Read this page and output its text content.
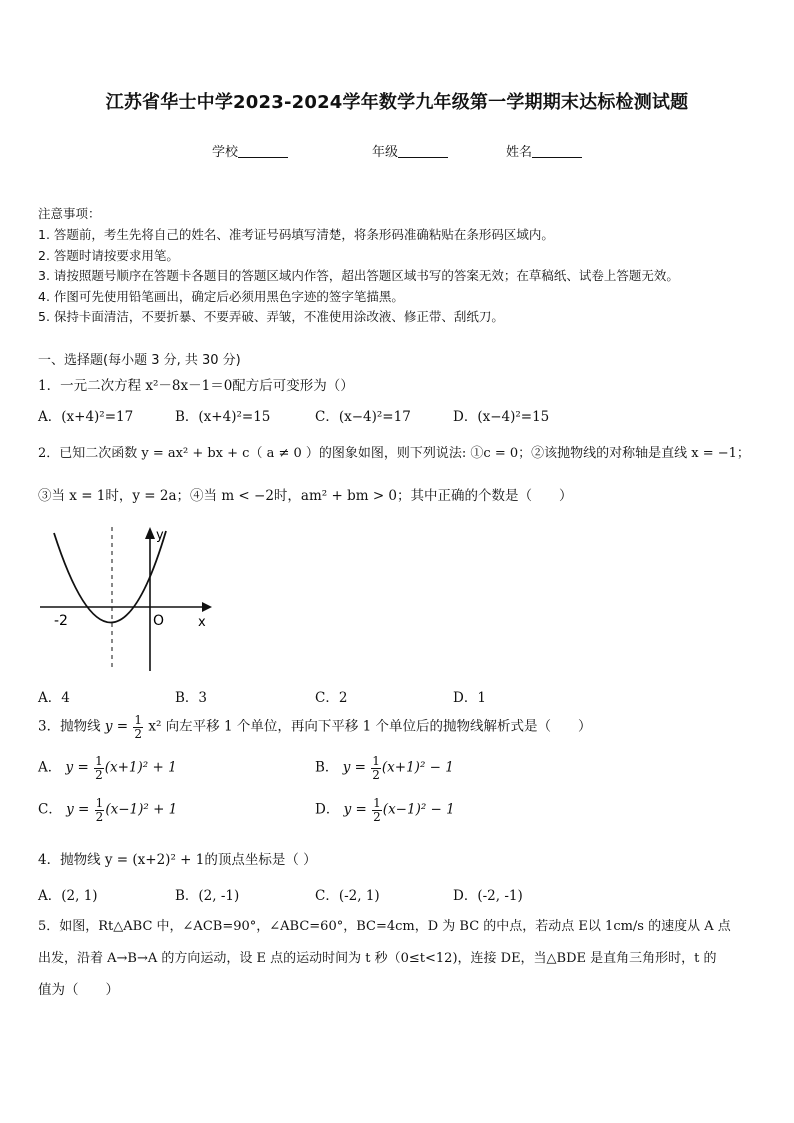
江苏省华士中学2023-2024学年数学九年级第一学期期末达标检测试题
学校	年级	姓名
注意事项：
1. 答题前，考生先将自己的姓名、准考证号码填写清楚，将条形码准确粘贴在条形码区域内。
2. 答题时请按要求用笔。
3. 请按照题号顺序在答题卡各题目的答题区域内作答，超出答题区域书写的答案无效；在草稿纸、试卷上答题无效。
4. 作图可先使用铅笔画出，确定后必须用黑色字迹的签字笔描黑。
5. 保持卡面清洁，不要折暴、不要弄破、弄皱，不准使用涂改液、修正带、刮纸刀。
一、选择题(每小题 3 分, 共 30 分)
1．一元二次方程 x²－8x－1＝0配方后可变形为（）
A．(x+4)²=17	B．(x+4)²=15	C．(x−4)²=17	D．(x−4)²=15
2．已知二次函数 y = ax² + bx + c（ a ≠ 0 ）的图象如图，则下列说法: ①c = 0；②该抛物线的对称轴是直线 x = −1；
③当 x = 1时，y = 2a；④当 m < −2时，am² + bm > 0；其中正确的个数是（　　）
y
x
O
-2
A．4	B．3	C．2	D．1
3．抛物线 $y = \frac{1}{2} x^2$ 向左平移 1 个单位，再向下平移 1 个单位后的抛物线解析式是（　　）
A． $y = \frac{1}{2} (x+1)^2 + 1$	B． $y = \frac{1}{2} (x+1)^2 - 1$
C． $y = \frac{1}{2} (x-1)^2 + 1$	D． $y = \frac{1}{2} (x-1)^2 - 1$
4．抛物线 y = (x+2)² + 1的顶点坐标是（ ）
A．(2, 1)	B．(2, -1)	C．(-2, 1)	D．(-2, -1)
5．如图，Rt△ABC 中，∠ACB=90°，∠ABC=60°，BC=4cm，D 为 BC 的中点，若动点 E以 1cm/s 的速度从 A 点
出发，沿着 A→B→A 的方向运动，设 E 点的运动时间为 t 秒（0≤t<12)，连接 DE，当△BDE 是直角三角形时，t 的
值为（　　）
